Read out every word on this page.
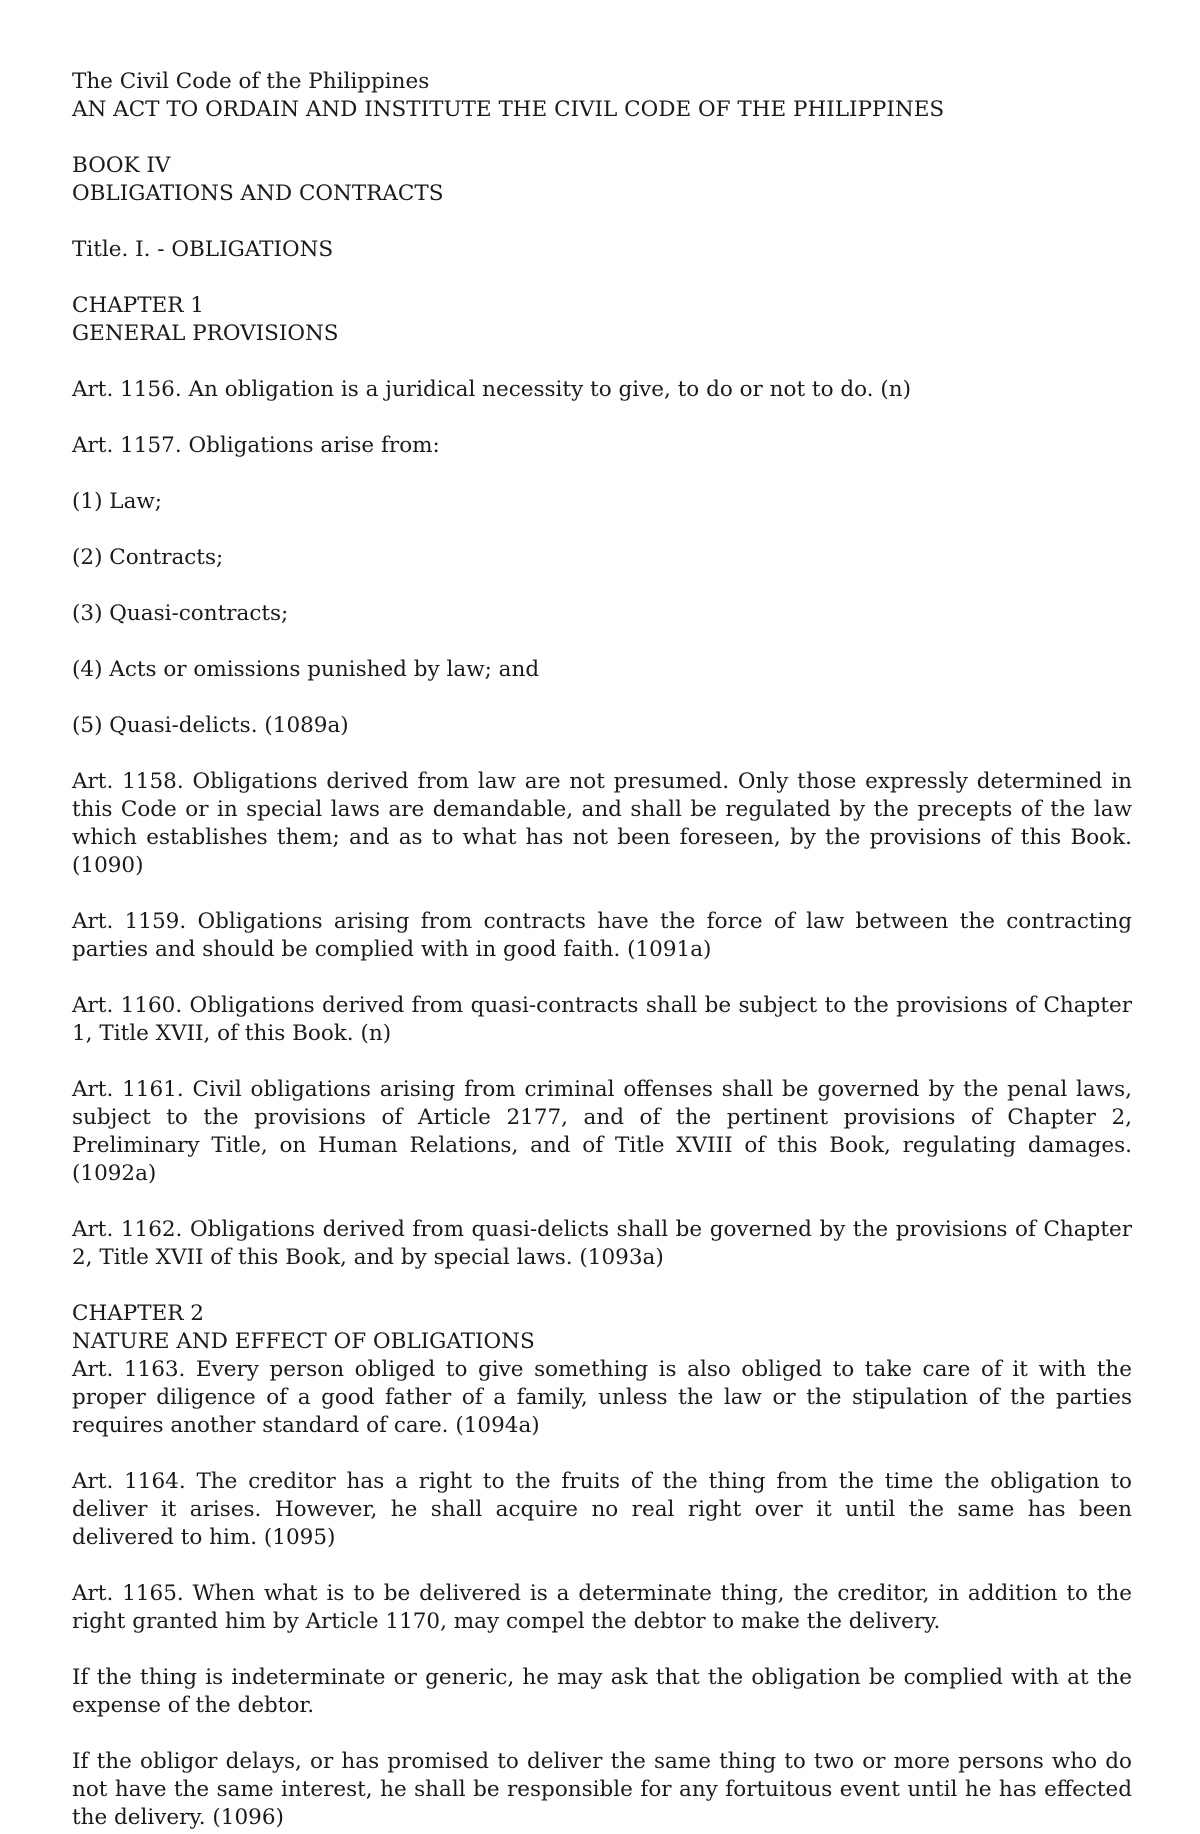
The Civil Code of the Philippines

AN ACT TO ORDAIN AND INSTITUTE THE CIVIL CODE OF THE PHILIPPINES

BOOK IV

OBLIGATIONS AND CONTRACTS

Title. I. - OBLIGATIONS

CHAPTER 1

GENERAL PROVISIONS

Art. 1156. An obligation is a juridical necessity to give, to do or not to do. (n)

Art. 1157. Obligations arise from:

(1) Law;

(2) Contracts;

(3) Quasi-contracts;

(4) Acts or omissions punished by law; and

(5) Quasi-delicts. (1089a)

Art. 1158. Obligations derived from law are not presumed. Only those expressly determined in this Code or in special laws are demandable, and shall be regulated by the precepts of the law which establishes them; and as to what has not been foreseen, by the provisions of this Book. (1090)

Art. 1159. Obligations arising from contracts have the force of law between the contracting parties and should be complied with in good faith. (1091a)

Art. 1160. Obligations derived from quasi-contracts shall be subject to the provisions of Chapter 1, Title XVII, of this Book. (n)

Art. 1161. Civil obligations arising from criminal offenses shall be governed by the penal laws, subject to the provisions of Article 2177, and of the pertinent provisions of Chapter 2, Preliminary Title, on Human Relations, and of Title XVIII of this Book, regulating damages. (1092a)

Art. 1162. Obligations derived from quasi-delicts shall be governed by the provisions of Chapter 2, Title XVII of this Book, and by special laws. (1093a)

CHAPTER 2

NATURE AND EFFECT OF OBLIGATIONS

Art. 1163. Every person obliged to give something is also obliged to take care of it with the proper diligence of a good father of a family, unless the law or the stipulation of the parties requires another standard of care. (1094a)

Art. 1164. The creditor has a right to the fruits of the thing from the time the obligation to deliver it arises. However, he shall acquire no real right over it until the same has been delivered to him. (1095)

Art. 1165. When what is to be delivered is a determinate thing, the creditor, in addition to the right granted him by Article 1170, may compel the debtor to make the delivery.

If the thing is indeterminate or generic, he may ask that the obligation be complied with at the expense of the debtor.

If the obligor delays, or has promised to deliver the same thing to two or more persons who do not have the same interest, he shall be responsible for any fortuitous event until he has effected the delivery. (1096)
